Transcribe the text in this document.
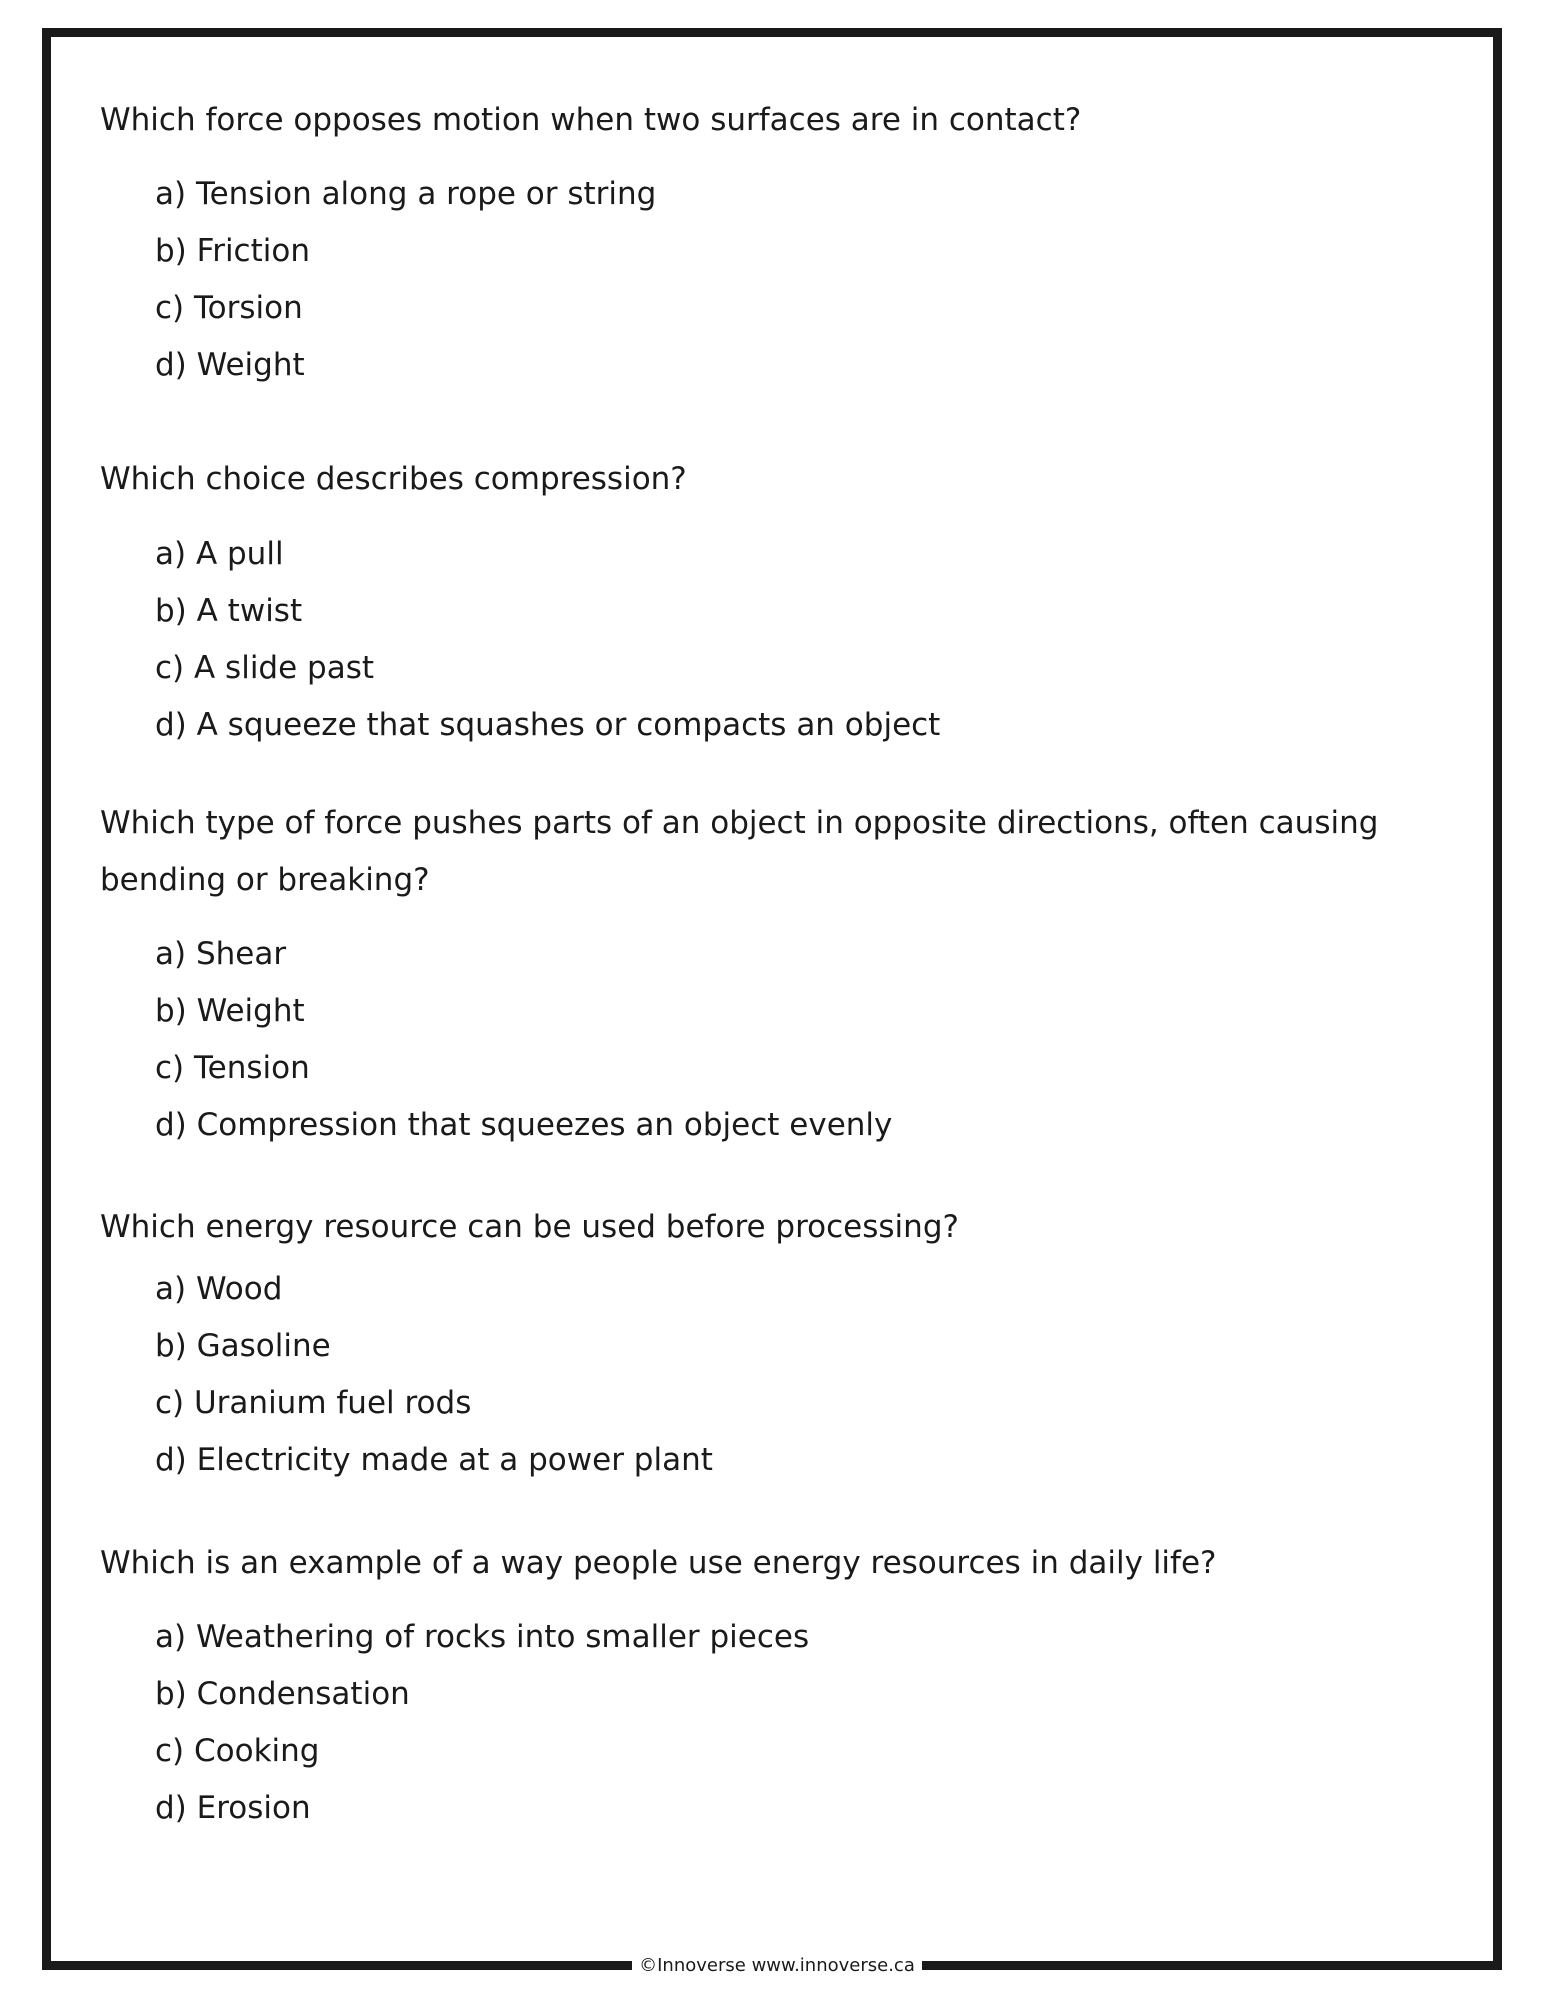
Which force opposes motion when two surfaces are in contact?

a) Tension along a rope or string
b) Friction
c) Torsion
d) Weight

Which choice describes compression?

a) A pull
b) A twist
c) A slide past
d) A squeeze that squashes or compacts an object

Which type of force pushes parts of an object in opposite directions, often causing bending or breaking?

a) Shear
b) Weight
c) Tension
d) Compression that squeezes an object evenly

Which energy resource can be used before processing?

a) Wood
b) Gasoline
c) Uranium fuel rods
d) Electricity made at a power plant

Which is an example of a way people use energy resources in daily life?

a) Weathering of rocks into smaller pieces
b) Condensation
c) Cooking
d) Erosion
©Innoverse www.innoverse.ca
